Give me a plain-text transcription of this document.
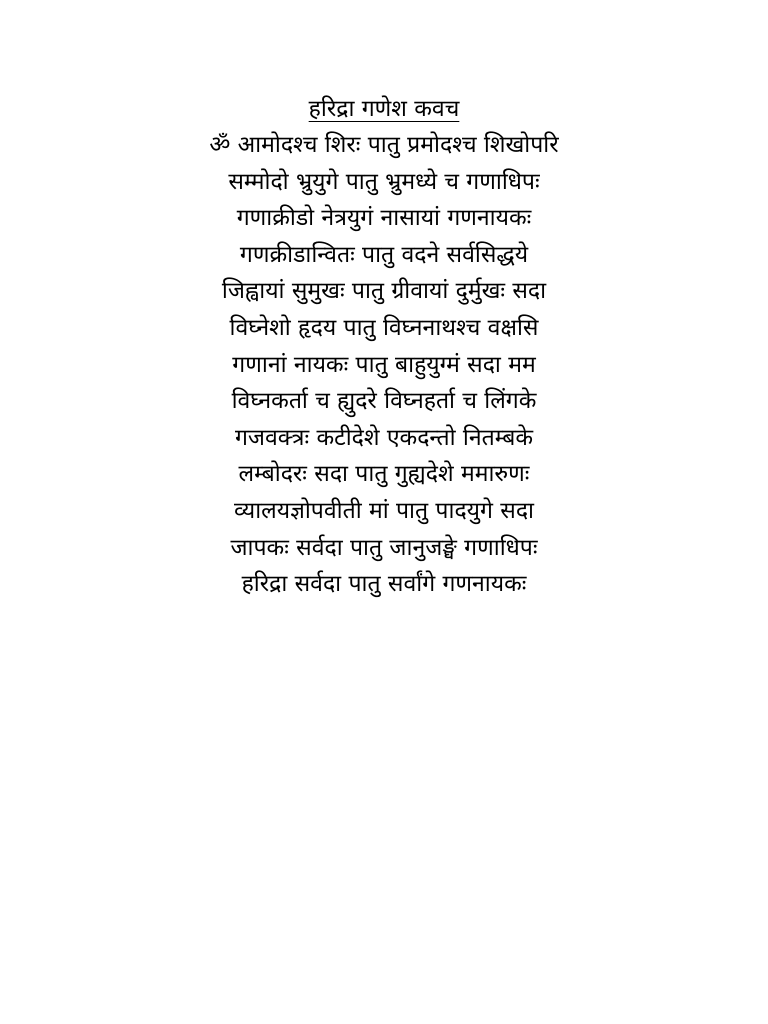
हरिद्रा गणेश कवच
ॐ आमोदश्च शिरः पातु प्रमोदश्च शिखोपरि
सम्मोदो भ्रुयुगे पातु भ्रुमध्ये च गणाधिपः
गणाक्रीडो नेत्रयुगं नासायां गणनायकः
गणक्रीडान्वितः पातु वदने सर्वसिद्धये
जिह्वायां सुमुखः पातु ग्रीवायां दुर्मुखः सदा
विघ्नेशो हृदय पातु विघ्ननाथश्च वक्षसि
गणानां नायकः पातु बाहुयुग्मं सदा मम
विघ्नकर्ता च ह्युदरे विघ्नहर्ता च लिंगके
गजवक्त्रः कटीदेशे एकदन्तो नितम्बके
लम्बोदरः सदा पातु गुह्यदेशे ममारुणः
व्यालयज्ञोपवीती मां पातु पादयुगे सदा
जापकः सर्वदा पातु जानुजङ्घे गणाधिपः
हरिद्रा सर्वदा पातु सर्वांगे गणनायकः
